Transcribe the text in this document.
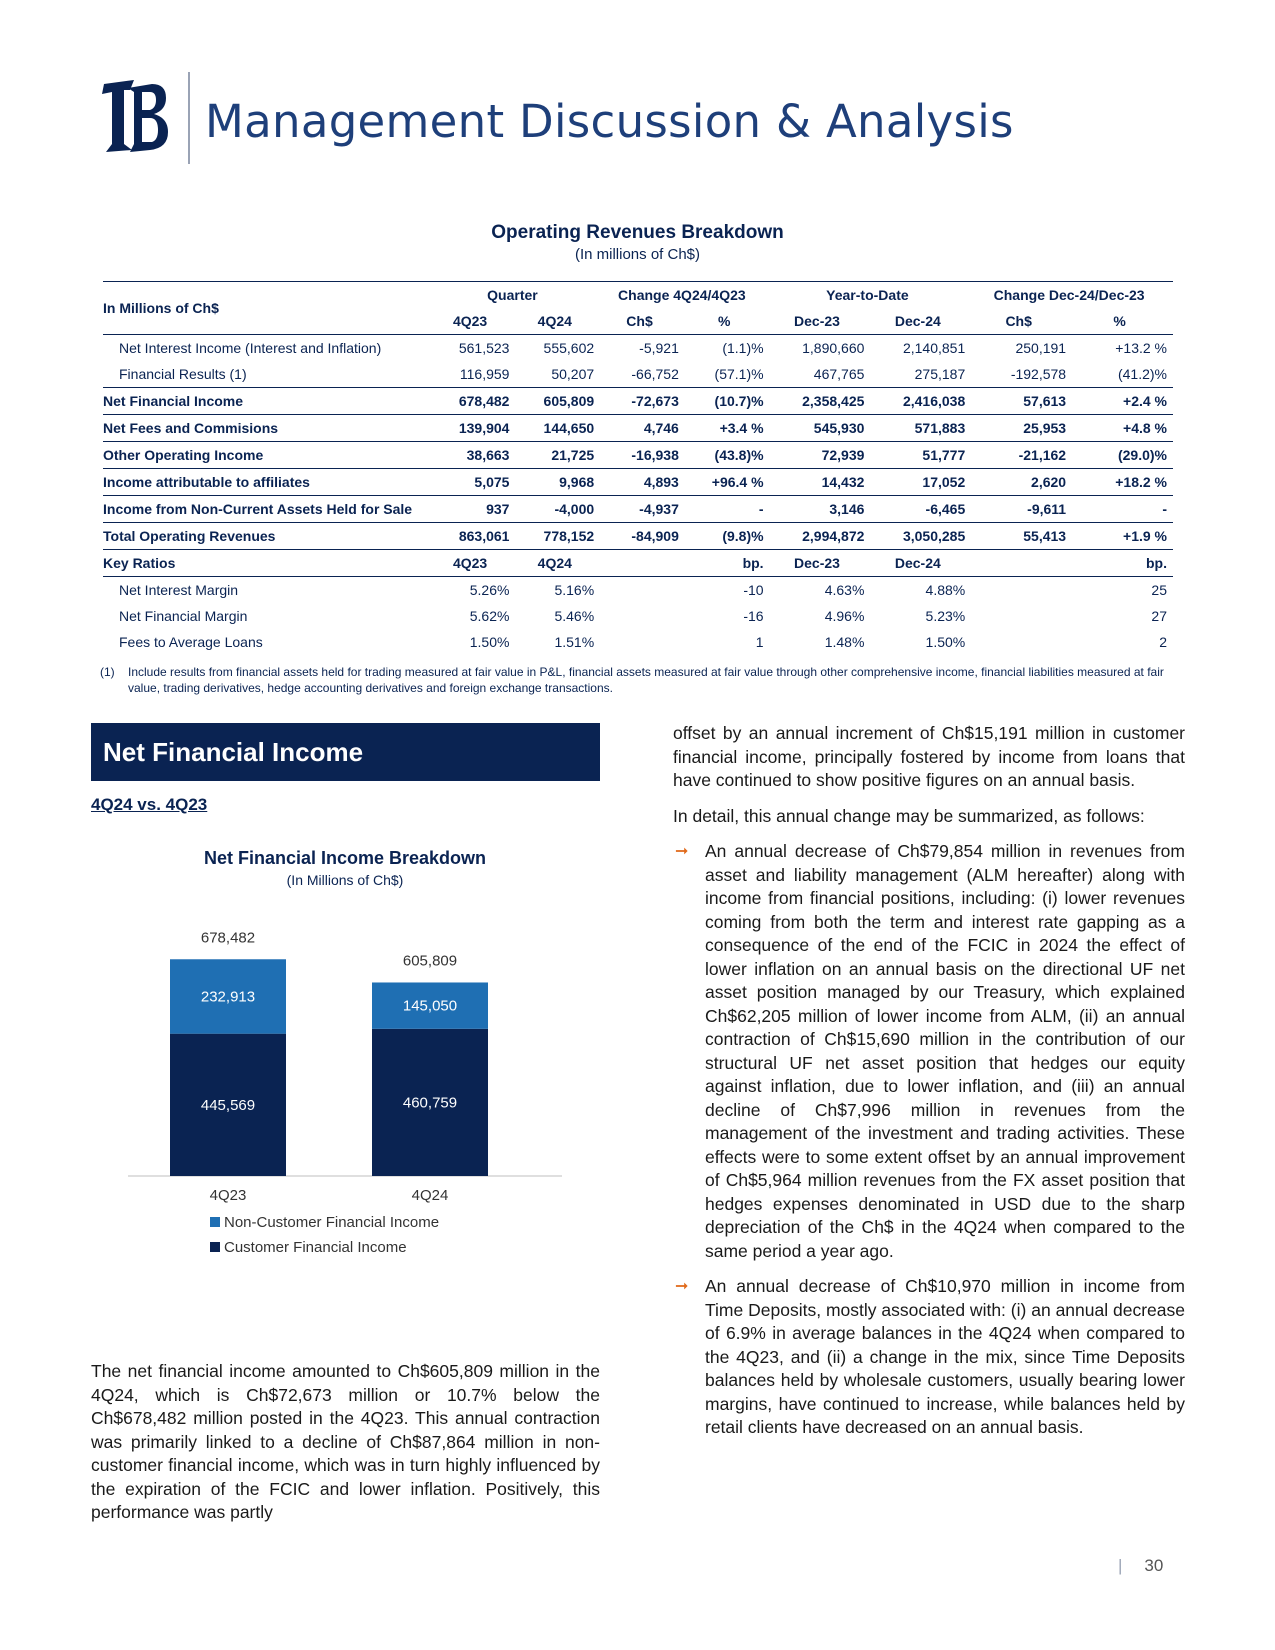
Management Discussion & Analysis
Operating Revenues Breakdown
(In millions of Ch$)
In Millions of Ch$	Quarter		Change 4Q24/4Q23		Year-to-Date		Change Dec-24/Dec-23	
	4Q23	4Q24	Ch$	%	Dec-23	Dec-24	Ch$	%
Net Interest Income (Interest and Inflation)	561,523	555,602	-5,921	(1.1)%	1,890,660	2,140,851	250,191	+13.2 %
Financial Results (1)	116,959	50,207	-66,752	(57.1)%	467,765	275,187	-192,578	(41.2)%
Net Financial Income	678,482	605,809	-72,673	(10.7)%	2,358,425	2,416,038	57,613	+2.4 %
Net Fees and Commisions	139,904	144,650	4,746	+3.4 %	545,930	571,883	25,953	+4.8 %
Other Operating Income	38,663	21,725	-16,938	(43.8)%	72,939	51,777	-21,162	(29.0)%
Income attributable to affiliates	5,075	9,968	4,893	+96.4 %	14,432	17,052	2,620	+18.2 %
Income from Non-Current Assets Held for Sale	937	-4,000	-4,937	-	3,146	-6,465	-9,611	-
Total Operating Revenues	863,061	778,152	-84,909	(9.8)%	2,994,872	3,050,285	55,413	+1.9 %
Key Ratios	4Q23	4Q24		bp.	Dec-23	Dec-24		bp.
Net Interest Margin	5.26%	5.16%		-10	4.63%	4.88%		25
Net Financial Margin	5.62%	5.46%		-16	4.96%	5.23%		27
Fees to Average Loans	1.50%	1.51%		1	1.48%	1.50%		2
(1) Include results from financial assets held for trading measured at fair value in P&L, financial assets measured at fair value through other comprehensive income, financial liabilities measured at fair value, trading derivatives, hedge accounting derivatives and foreign exchange transactions.
Net Financial Income
4Q24 vs. 4Q23
Net Financial Income Breakdown
(In Millions of Ch$)
445,569
232,913
678,482
4Q23
460,759
145,050
605,809
4Q24
Non-Customer Financial Income
Customer Financial Income
The net financial income amounted to Ch$605,809 million in the 4Q24, which is Ch$72,673 million or 10.7% below the Ch$678,482 million posted in the 4Q23. This annual contraction was primarily linked to a decline of Ch$87,864 million in non-customer financial income, which was in turn highly influenced by the expiration of the FCIC and lower inflation. Positively, this performance was partly

offset by an annual increment of Ch$15,191 million in customer financial income, principally fostered by income from loans that have continued to show positive figures on an annual basis.

In detail, this annual change may be summarized, as follows:

➞ An annual decrease of Ch$79,854 million in revenues from asset and liability management (ALM hereafter) along with income from financial positions, including: (i) lower revenues coming from both the term and interest rate gapping as a consequence of the end of the FCIC in 2024 the effect of lower inflation on an annual basis on the directional UF net asset position managed by our Treasury, which explained Ch$62,205 million of lower income from ALM, (ii) an annual contraction of Ch$15,690 million in the contribution of our structural UF net asset position that hedges our equity against inflation, due to lower inflation, and (iii) an annual decline of Ch$7,996 million in revenues from the management of the investment and trading activities. These effects were to some extent offset by an annual improvement of Ch$5,964 million revenues from the FX asset position that hedges expenses denominated in USD due to the sharp depreciation of the Ch$ in the 4Q24 when compared to the same period a year ago.
➞ An annual decrease of Ch$10,970 million in income from Time Deposits, mostly associated with: (i) an annual decrease of 6.9% in average balances in the 4Q24 when compared to the 4Q23, and (ii) a change in the mix, since Time Deposits balances held by wholesale customers, usually bearing lower margins, have continued to increase, while balances held by retail clients have decreased on an annual basis.
| 30
